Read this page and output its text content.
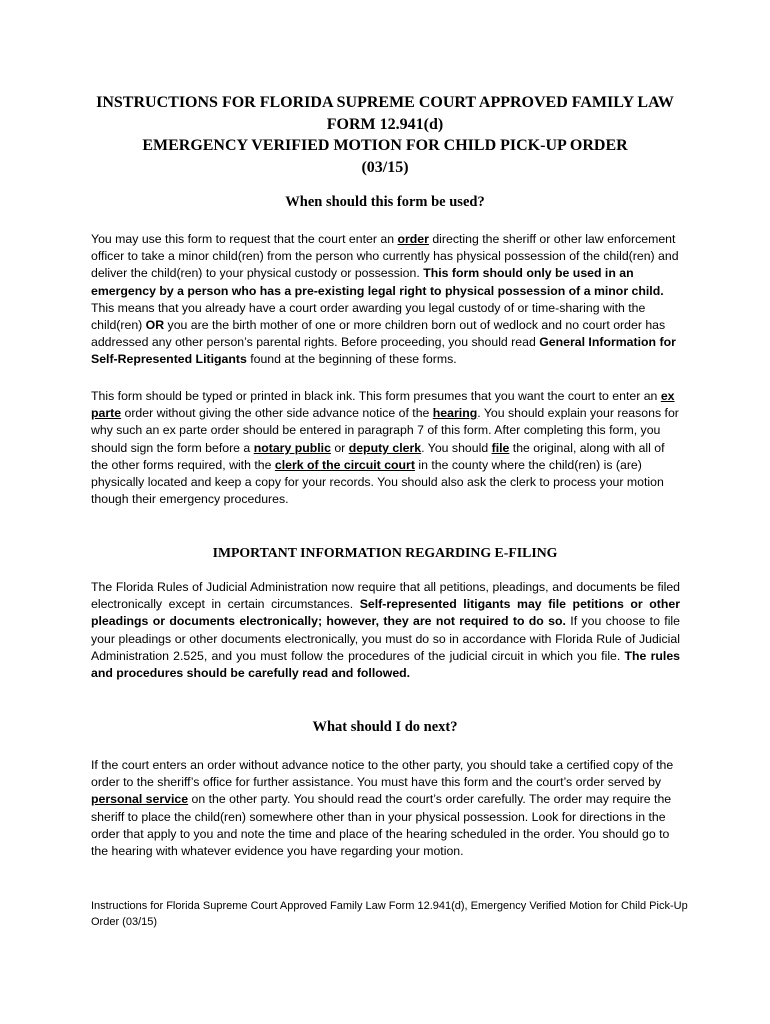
INSTRUCTIONS FOR FLORIDA SUPREME COURT APPROVED FAMILY LAW
FORM 12.941(d)
EMERGENCY VERIFIED MOTION FOR CHILD PICK-UP ORDER
(03/15)
When should this form be used?

You may use this form to request that the court enter an order directing the sheriff or other law enforcement officer to take a minor child(ren) from the person who currently has physical possession of the child(ren) and deliver the child(ren) to your physical custody or possession. This form should only be used in an emergency by a person who has a pre-existing legal right to physical possession of a minor child. This means that you already have a court order awarding you legal custody of or time-sharing with the child(ren) OR you are the birth mother of one or more children born out of wedlock and no court order has addressed any other person’s parental rights. Before proceeding, you should read General Information for Self-Represented Litigants found at the beginning of these forms.

This form should be typed or printed in black ink. This form presumes that you want the court to enter an ex parte order without giving the other side advance notice of the hearing. You should explain your reasons for why such an ex parte order should be entered in paragraph 7 of this form. After completing this form, you should sign the form before a notary public or deputy clerk. You should file the original, along with all of the other forms required, with the clerk of the circuit court in the county where the child(ren) is (are) physically located and keep a copy for your records. You should also ask the clerk to process your motion though their emergency procedures.

IMPORTANT INFORMATION REGARDING E-FILING

The Florida Rules of Judicial Administration now require that all petitions, pleadings, and documents be filed electronically except in certain circumstances. Self-represented litigants may file petitions or other pleadings or documents electronically; however, they are not required to do so. If you choose to file your pleadings or other documents electronically, you must do so in accordance with Florida Rule of Judicial Administration 2.525, and you must follow the procedures of the judicial circuit in which you file. The rules and procedures should be carefully read and followed.

What should I do next?

If the court enters an order without advance notice to the other party, you should take a certified copy of the order to the sheriff’s office for further assistance. You must have this form and the court’s order served by personal service on the other party. You should read the court’s order carefully. The order may require the sheriff to place the child(ren) somewhere other than in your physical possession. Look for directions in the order that apply to you and note the time and place of the hearing scheduled in the order. You should go to the hearing with whatever evidence you have regarding your motion.

Instructions for Florida Supreme Court Approved Family Law Form 12.941(d), Emergency Verified Motion for Child Pick-Up Order (03/15)
